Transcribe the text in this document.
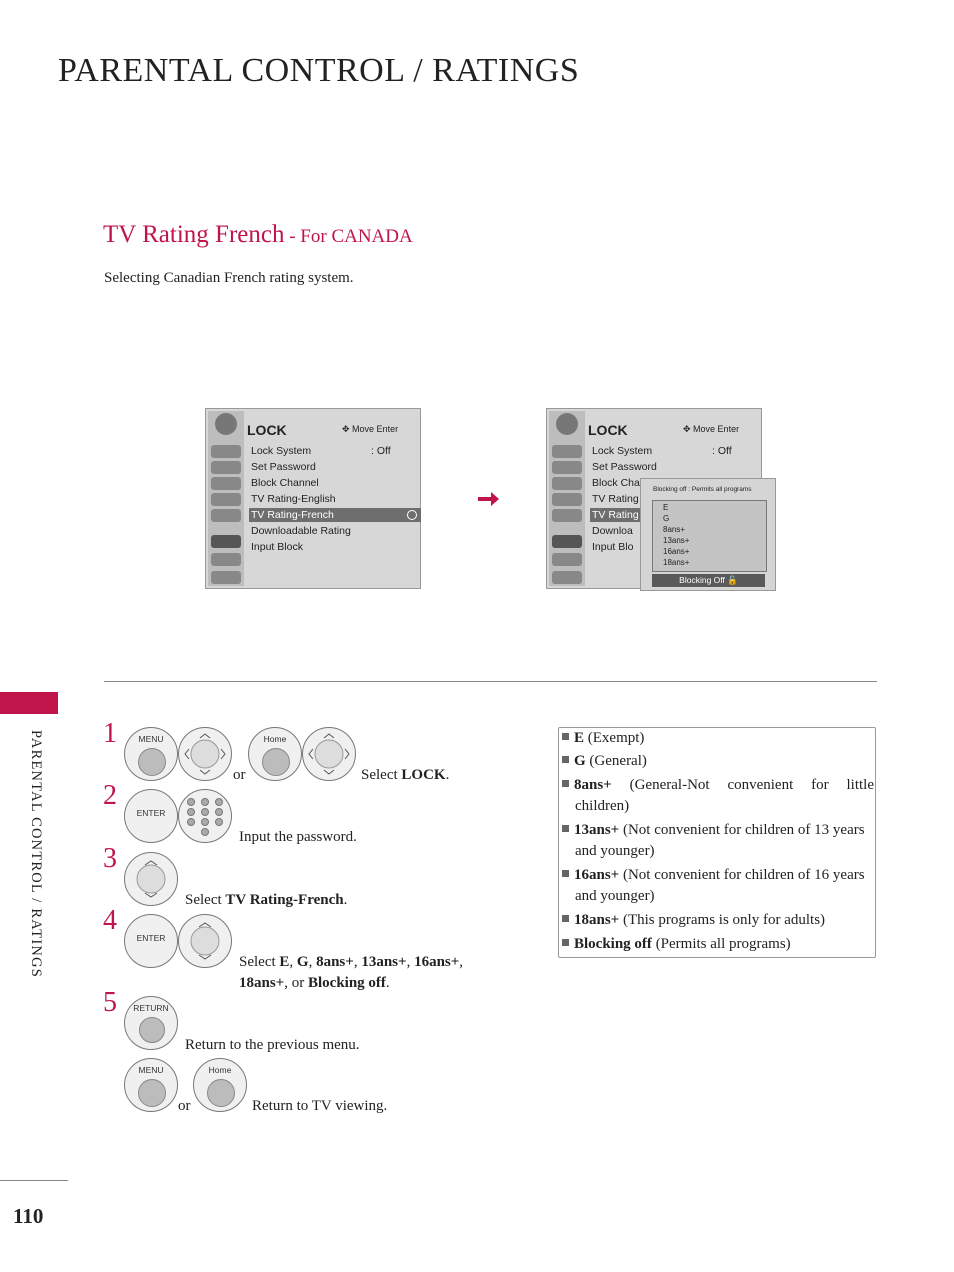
PARENTAL CONTROL / RATINGS
TV Rating French - For CANADA
Selecting Canadian French rating system.
PARENTAL CONTROL / RATINGS
LOCK	✥ Move Enter
Lock System	: Off
Set Password
Block Channel
TV Rating-English
TV Rating-French
Downloadable Rating
Input Block
LOCK	✥ Move Enter
Lock System	: Off
Set Password
Block Cha
TV Rating
TV Rating
Downloa
Input Blo
Blocking off : Permits all programs
E
G
8ans+
13ans+
16ans+
18ans+
Blocking Off 🔓
1
2
3
4
5
MENU
or
Home
Select LOCK.
ENTER
Input the password.
Select TV Rating-French.
ENTER
Select E, G, 8ans+, 13ans+, 16ans+,
18ans+, or Blocking off.
RETURN
Return to the previous menu.
MENU
or
Home
Return to TV viewing.
E (Exempt)
G (General)
8ans+ (General-Not convenient for little children)
13ans+ (Not convenient for children of 13 years and younger)
16ans+ (Not convenient for children of 16 years and younger)
18ans+ (This programs is only for adults)
Blocking off (Permits all programs)
110
